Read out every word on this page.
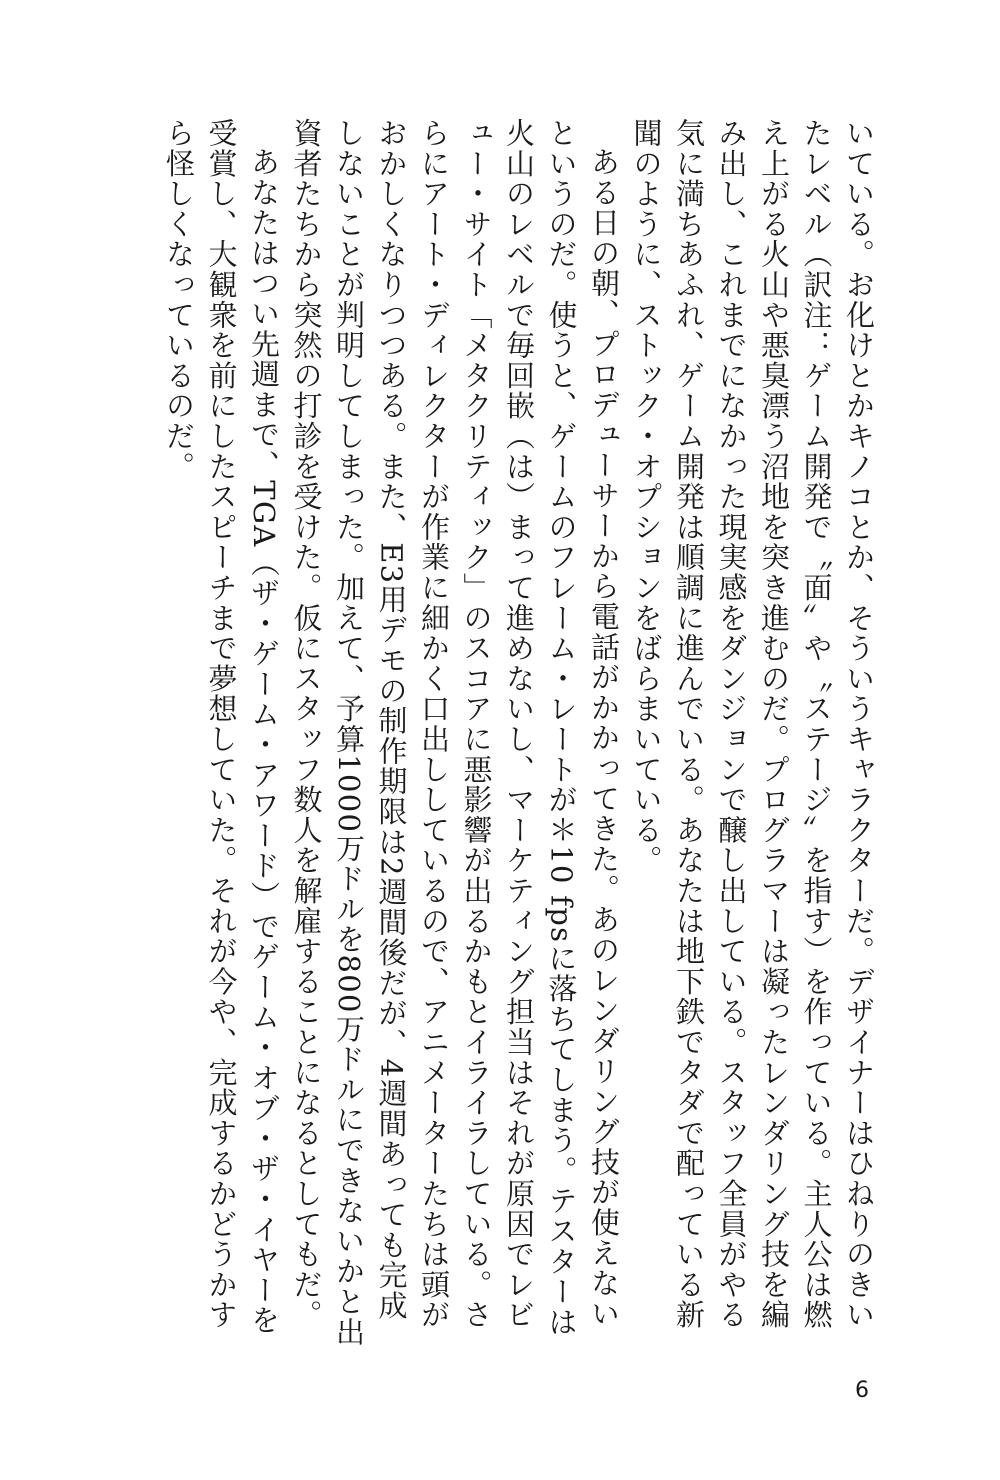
いている。お化けとかキノコとか、そういうキャラクターだ。デザイナーはひねりのきいたレベル（訳注：ゲーム開発で〝面〟や〝ステージ〟を指す）を作っている。主人公は燃え上がる火山や悪臭漂う沼地を突き進むのだ。プログラマーは凝ったレンダリング技を編み出し、これまでになかった現実感をダンジョンで醸し出している。スタッフ全員がやる気に満ちあふれ、ゲーム開発は順調に進んでいる。あなたは地下鉄でタダで配っている新聞のように、ストック・オプションをばらまいている。

ある日の朝、プロデューサーから電話がかかってきた。あのレンダリング技が使えないというのだ。使うと、ゲームのフレーム・レートが＊10 fpsに落ちてしまう。テスターは火山のレベルで毎回嵌（は）まって進めないし、マーケティング担当はそれが原因でレビュー・サイト「メタクリティック」のスコアに悪影響が出るかもとイライラしている。さらにアート・ディレクターが作業に細かく口出ししているので、アニメーターたちは頭がおかしくなりつつある。また、E3用デモの制作期限は2週間後だが、4週間あっても完成しないことが判明してしまった。加えて、予算1000万ドルを800万ドルにできないかと出資者たちから突然の打診を受けた。仮にスタッフ数人を解雇することになるとしてもだ。

あなたはつい先週まで、TGA（ザ・ゲーム・アワード）でゲーム・オブ・ザ・イヤーを受賞し、大観衆を前にしたスピーチまで夢想していた。それが今や、完成するかどうかすら怪しくなっているのだ。

6
